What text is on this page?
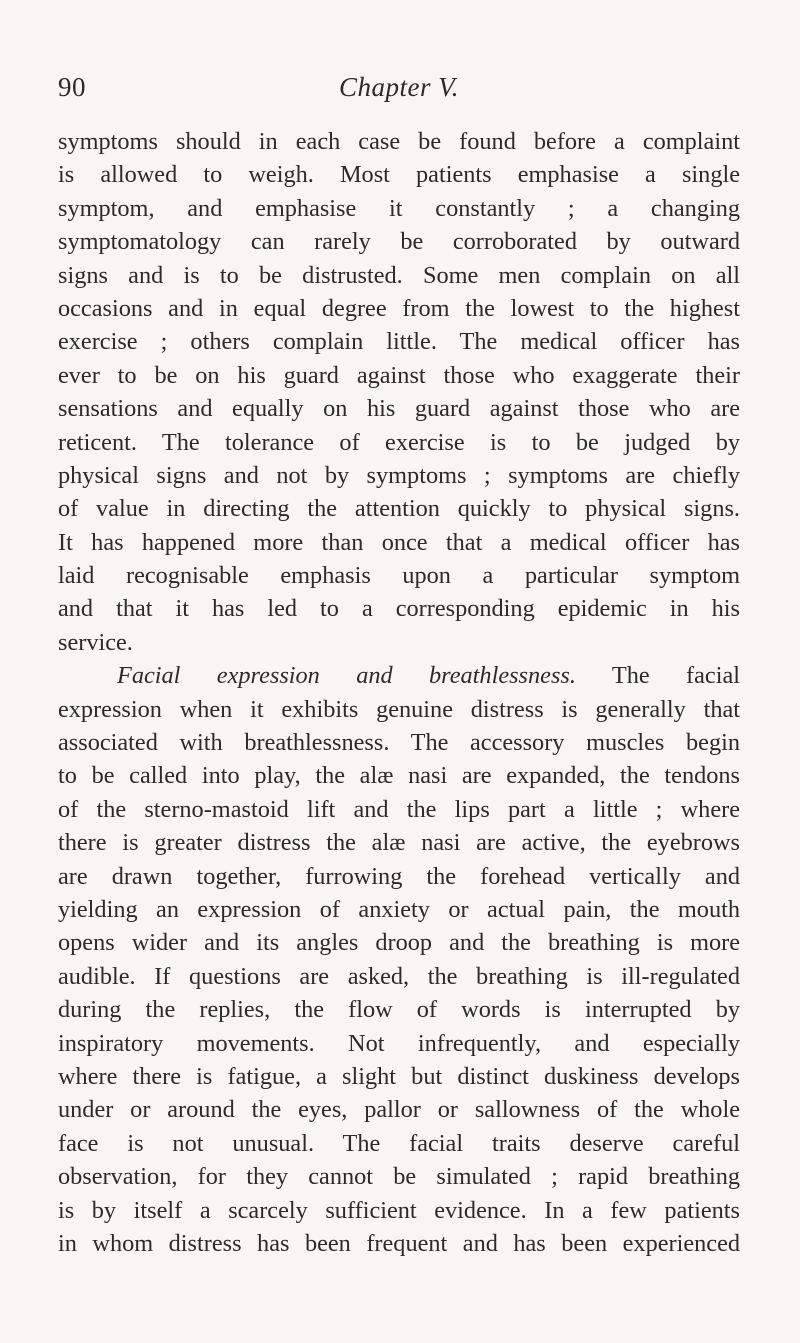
90	Chapter V.
symptoms should in each case be found before a complaint
is allowed to weigh. Most patients emphasise a single
symptom, and emphasise it constantly ; a changing
symptomatology can rarely be corroborated by outward
signs and is to be distrusted. Some men complain on all
occasions and in equal degree from the lowest to the highest
exercise ; others complain little. The medical officer has
ever to be on his guard against those who exaggerate their
sensations and equally on his guard against those who are
reticent. The tolerance of exercise is to be judged by
physical signs and not by symptoms ; symptoms are chiefly
of value in directing the attention quickly to physical signs.
It has happened more than once that a medical officer has
laid recognisable emphasis upon a particular symptom
and that it has led to a corresponding epidemic in his
service.
Facial expression and breathlessness. The facial
expression when it exhibits genuine distress is generally that
associated with breathlessness. The accessory muscles begin
to be called into play, the alæ nasi are expanded, the tendons
of the sterno-mastoid lift and the lips part a little ; where
there is greater distress the alæ nasi are active, the eyebrows
are drawn together, furrowing the forehead vertically and
yielding an expression of anxiety or actual pain, the mouth
opens wider and its angles droop and the breathing is more
audible. If questions are asked, the breathing is ill-regulated
during the replies, the flow of words is interrupted by
inspiratory movements. Not infrequently, and especially
where there is fatigue, a slight but distinct duskiness develops
under or around the eyes, pallor or sallowness of the whole
face is not unusual. The facial traits deserve careful
observation, for they cannot be simulated ; rapid breathing
is by itself a scarcely sufficient evidence. In a few patients
in whom distress has been frequent and has been experienced
